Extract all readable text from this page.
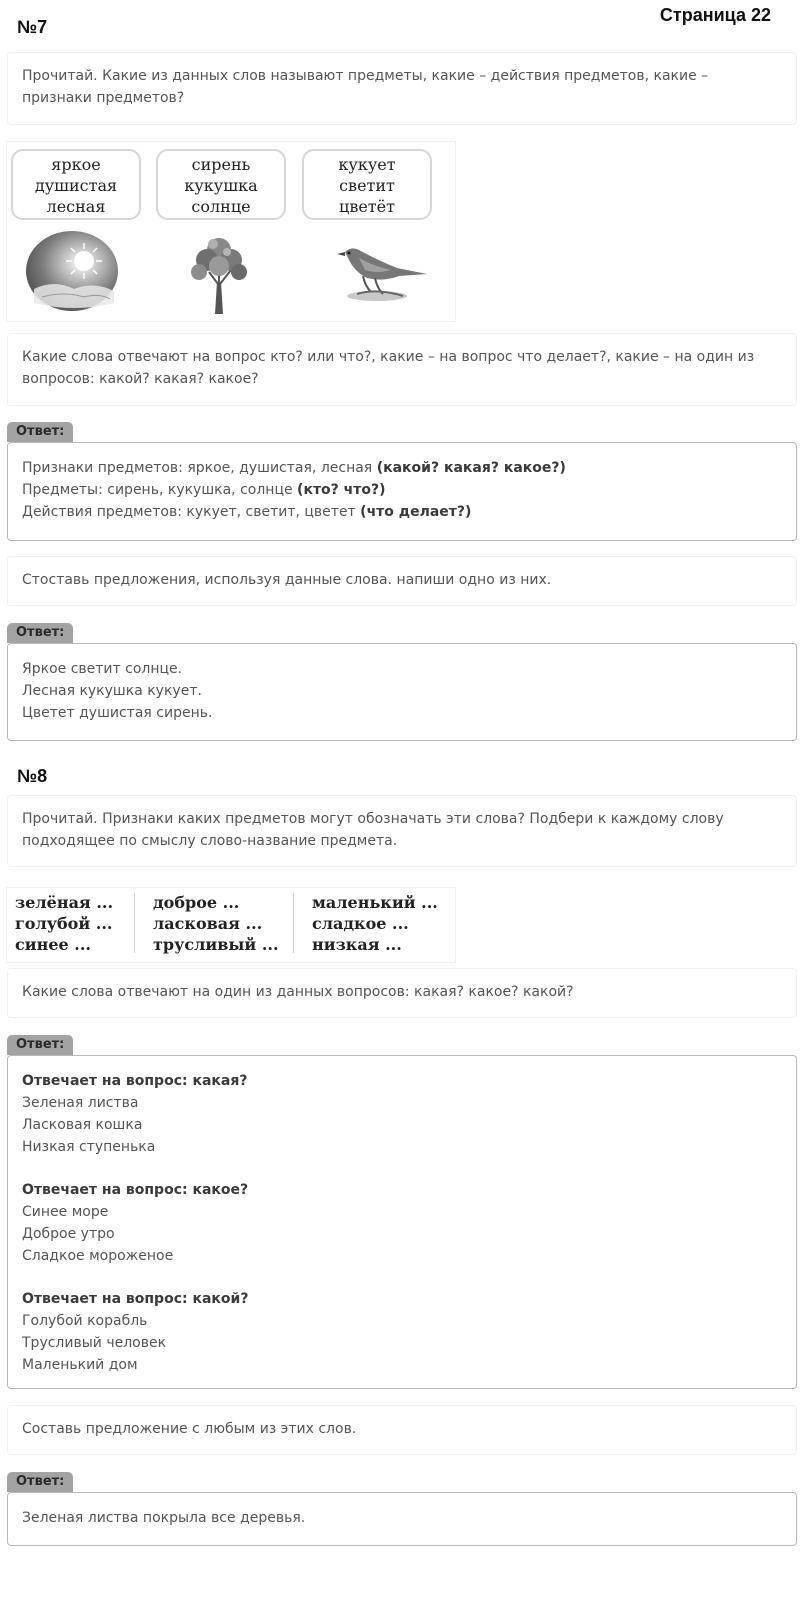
Страница 22
№7
Прочитай. Какие из данных слов называют предметы, какие – действия предметов, какие – признаки предметов?
яркое
душистая
лесная
сирень
кукушка
солнце
кукует
светит
цветёт
Какие слова отвечают на вопрос кто? или что?, какие – на вопрос что делает?, какие – на один из вопросов: какой? какая? какое?
Ответ:
Признаки предметов: яркое, душистая, лесная (какой? какая? какое?)
Предметы: сирень, кукушка, солнце (кто? что?)
Действия предметов: кукует, светит, цветет (что делает?)
Стоставь предложения, используя данные слова. напиши одно из них.
Ответ:
Яркое светит солнце.
Лесная кукушка кукует.
Цветет душистая сирень.
№8
Прочитай. Признаки каких предметов могут обозначать эти слова? Подбери к каждому слову подходящее по смыслу слово-название предмета.
зелёная ...
голубой ...
синее ...
доброе ...
ласковая ...
трусливый ...
маленький ...
сладкое ...
низкая ...
Какие слова отвечают на один из данных вопросов: какая? какое? какой?
Ответ:
Отвечает на вопрос: какая?
Зеленая листва
Ласковая кошка
Низкая ступенька
Отвечает на вопрос: какое?
Синее море
Доброе утро
Сладкое мороженое
Отвечает на вопрос: какой?
Голубой корабль
Трусливый человек
Маленький дом
Составь предложение с любым из этих слов.
Ответ:
Зеленая листва покрыла все деревья.
